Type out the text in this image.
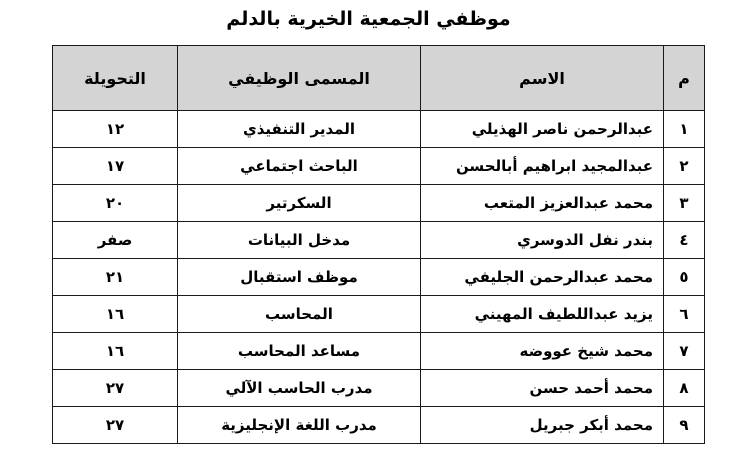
موظفي الجمعية الخيرية بالدلم
م	الاسم	المسمى الوظيفي	التحويلة
١	عبدالرحمن ناصر الهذيلي	المدير التنفيذي	١٢
٢	عبدالمجيد ابراهيم أبالحسن	الباحث اجتماعي	١٧
٣	محمد عبدالعزيز المتعب	السكرتير	٢٠
٤	بندر نفل الدوسري	مدخل البيانات	صفر
٥	محمد عبدالرحمن الجليفي	موظف استقبال	٢١
٦	يزيد عبداللطيف المهيني	المحاسب	١٦
٧	محمد شيخ عووضه	مساعد المحاسب	١٦
٨	محمد أحمد حسن	مدرب الحاسب الآلي	٢٧
٩	محمد أبكر جبريل	مدرب اللغة الإنجليزية	٢٧
